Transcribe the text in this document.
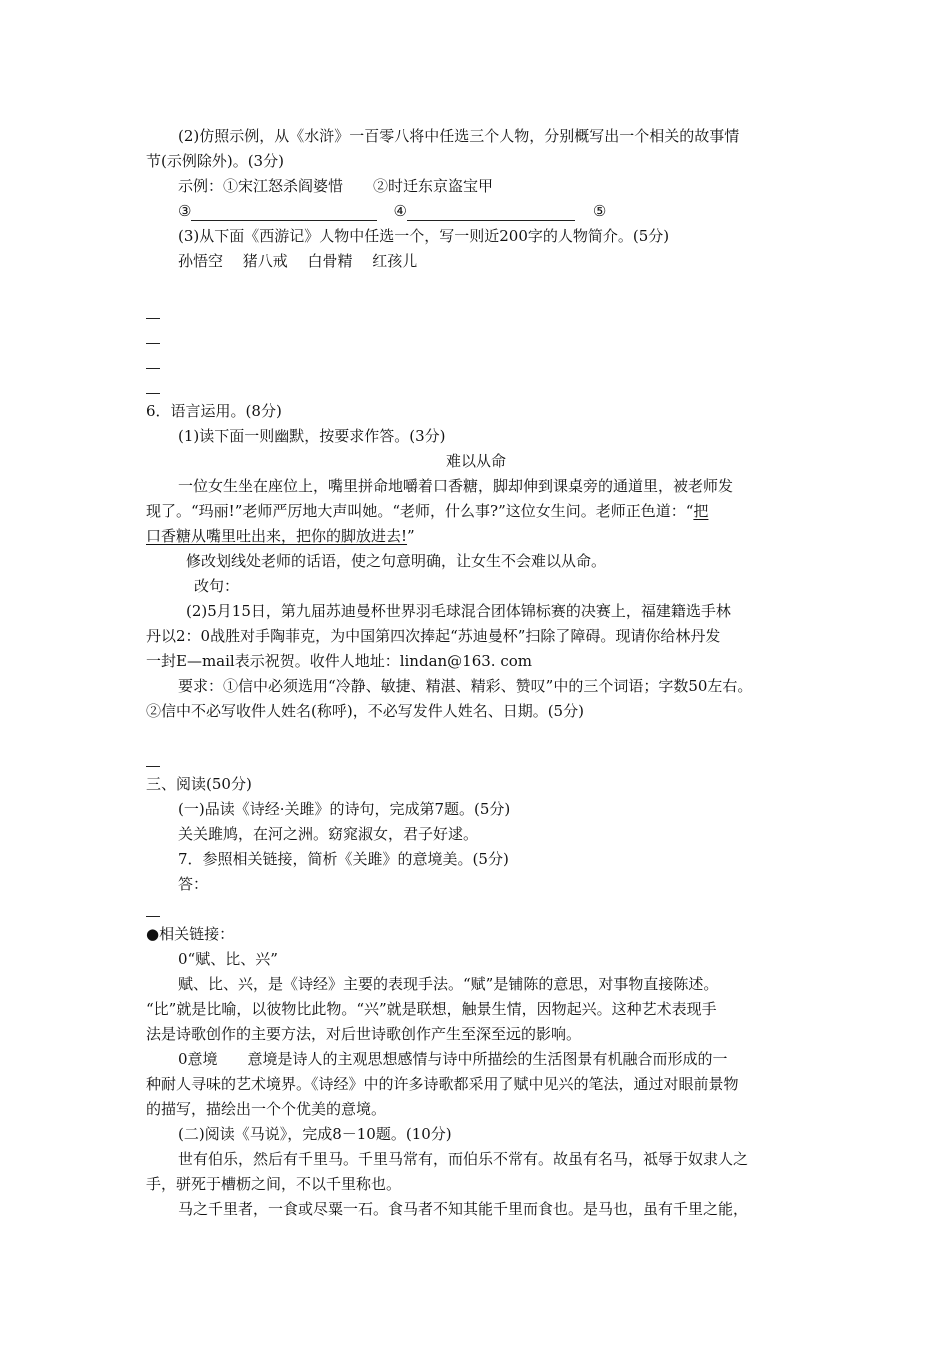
(2)仿照示例，从《水浒》一百零八将中任选三个人物，分别概写出一个相关的故事情
节(示例除外)。(3分)
示例：①宋江怒杀阎婆惜 ②时迁东京盗宝甲
③	④	⑤
(3)从下面《西游记》人物中任选一个，写一则近200字的人物简介。(5分)
孙悟空　 猪八戒　 白骨精　 红孩儿
6．语言运用。(8分)
(1)读下面一则幽默，按要求作答。(3分)
难以从命
一位女生坐在座位上，嘴里拼命地嚼着口香糖，脚却伸到课桌旁的通道里，被老师发
现了。“玛丽!”老师严厉地大声叫她。“老师，什么事?”这位女生问。老师正色道：“把
口香糖从嘴里吐出来，把你的脚放进去!”
修改划线处老师的话语，使之句意明确，让女生不会难以从命。
改句：
(2)5月15日，第九届苏迪曼杯世界羽毛球混合团体锦标赛的决赛上，福建籍选手林
丹以2：0战胜对手陶菲克，为中国第四次捧起“苏迪曼杯”扫除了障碍。现请你给林丹发
一封E—mail表示祝贺。收件人地址：lindan@163. com
要求：①信中必须选用“冷静、敏捷、精湛、精彩、赞叹”中的三个词语；字数50左右。
②信中不必写收件人姓名(称呼)，不必写发件人姓名、日期。(5分)
三、阅读(50分)
(一)品读《诗经·关雎》的诗句，完成第7题。(5分)
关关雎鸠，在河之洲。窈窕淑女，君子好逑。
7．参照相关链接，简析《关雎》的意境美。(5分)
答：
●相关链接：
0“赋、比、兴”
赋、比、兴，是《诗经》主要的表现手法。“赋”是铺陈的意思，对事物直接陈述。
“比”就是比喻，以彼物比此物。“兴”就是联想，触景生情，因物起兴。这种艺术表现手
法是诗歌创作的主要方法，对后世诗歌创作产生至深至远的影响。
0意境　　意境是诗人的主观思想感情与诗中所描绘的生活图景有机融合而形成的一
种耐人寻味的艺术境界。《诗经》中的许多诗歌都采用了赋中见兴的笔法，通过对眼前景物
的描写，描绘出一个个优美的意境。
(二)阅读《马说》，完成8－10题。(10分)
世有伯乐，然后有千里马。千里马常有，而伯乐不常有。故虽有名马，祗辱于奴隶人之
手，骈死于槽枥之间，不以千里称也。
马之千里者，一食或尽粟一石。食马者不知其能千里而食也。是马也，虽有千里之能，
